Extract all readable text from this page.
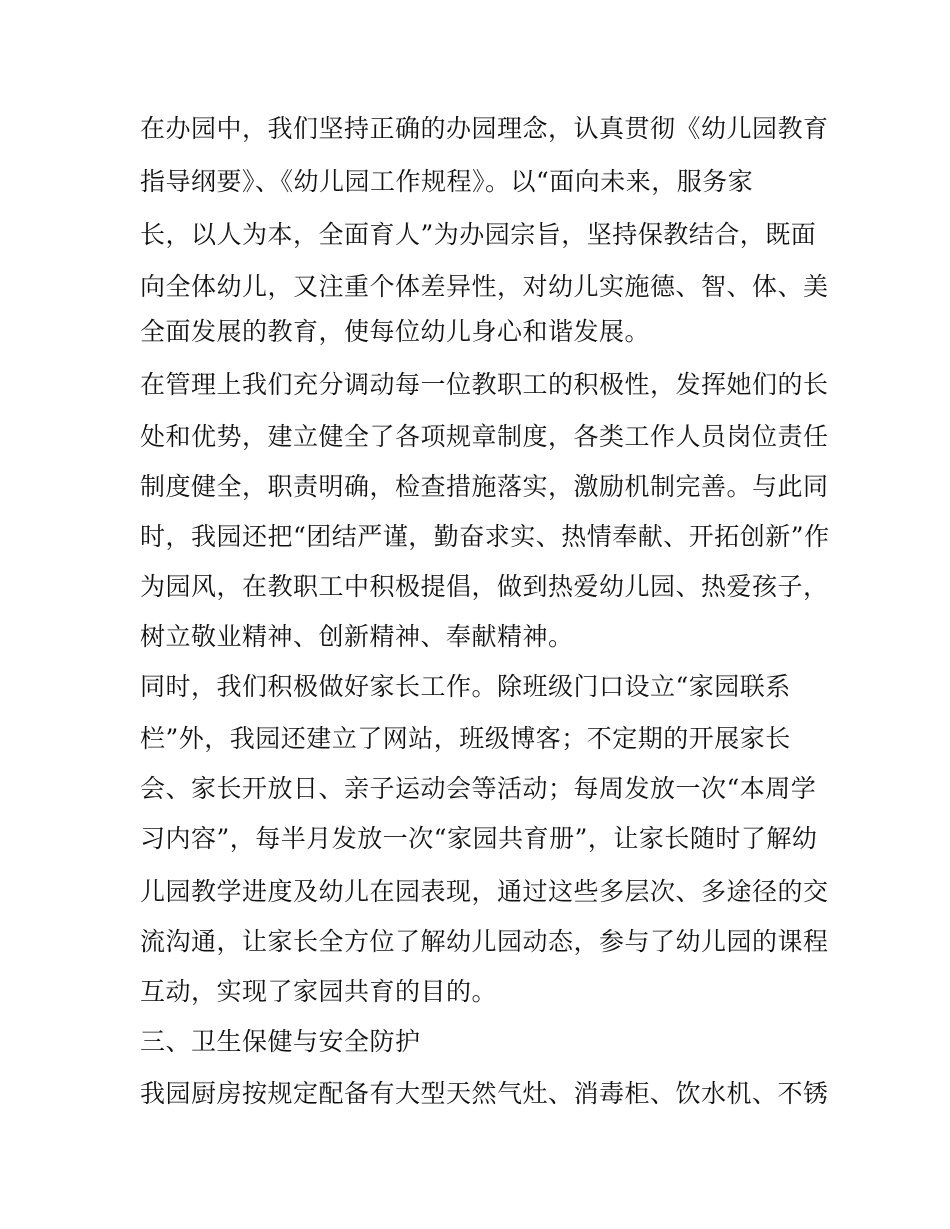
在办园中，我们坚持正确的办园理念，认真贯彻《幼儿园教育
指导纲要》、《幼儿园工作规程》。以“面向未来，服务家
长，以人为本，全面育人”为办园宗旨，坚持保教结合，既面
向全体幼儿，又注重个体差异性，对幼儿实施德、智、体、美
全面发展的教育，使每位幼儿身心和谐发展。
在管理上我们充分调动每一位教职工的积极性，发挥她们的长
处和优势，建立健全了各项规章制度，各类工作人员岗位责任
制度健全，职责明确，检查措施落实，激励机制完善。与此同
时，我园还把“团结严谨，勤奋求实、热情奉献、开拓创新”作
为园风，在教职工中积极提倡，做到热爱幼儿园、热爱孩子，
树立敬业精神、创新精神、奉献精神。
同时，我们积极做好家长工作。除班级门口设立“家园联系
栏”外，我园还建立了网站，班级博客；不定期的开展家长
会、家长开放日、亲子运动会等活动；每周发放一次“本周学
习内容”，每半月发放一次“家园共育册”，让家长随时了解幼
儿园教学进度及幼儿在园表现，通过这些多层次、多途径的交
流沟通，让家长全方位了解幼儿园动态，参与了幼儿园的课程
互动，实现了家园共育的目的。
三、卫生保健与安全防护
我园厨房按规定配备有大型天然气灶、消毒柜、饮水机、不锈
